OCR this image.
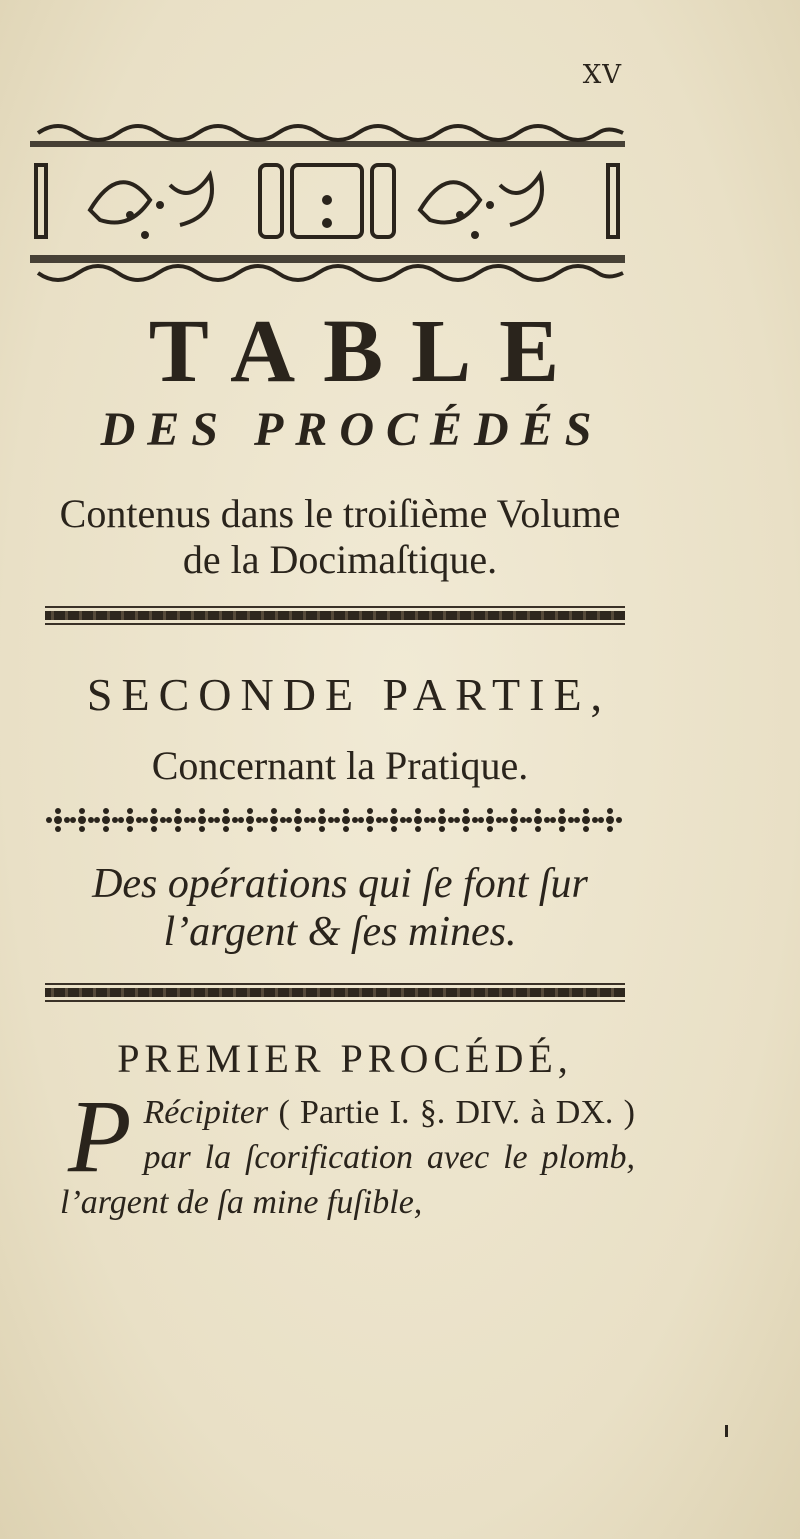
XV
TABLE
DES PROCÉDÉS
Contenus dans le troiſième Volume
de la Docimaſtique.
SECONDE PARTIE,
Concernant la Pratique.
Des opérations qui ſe font ſur
l’argent & ſes mines.
PREMIER PROCÉDÉ,
P Récipiter ( Partie I. §. DIV. à DX. ) par la ſcorification avec le plomb, l’argent de ſa mine fuſible,
